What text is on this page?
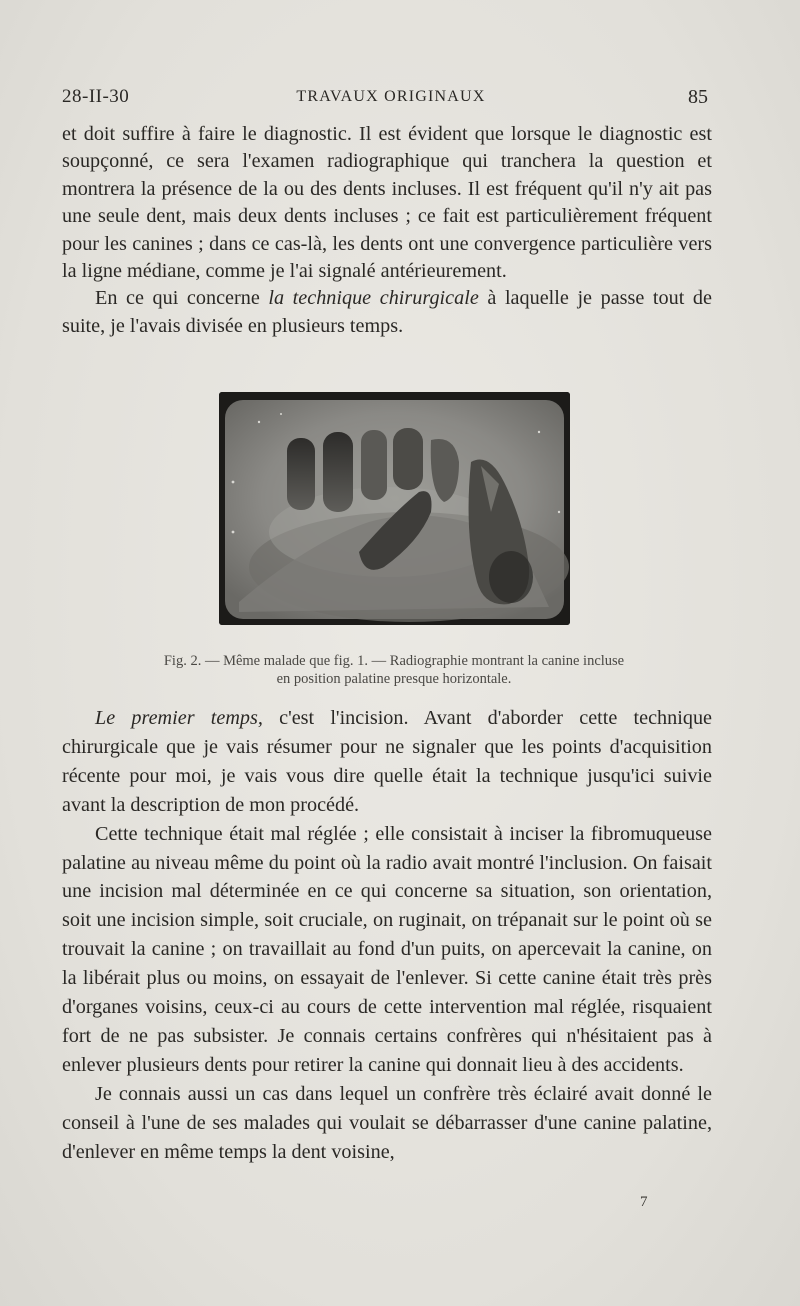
28-II-30	TRAVAUX ORIGINAUX	85

et doit suffire à faire le diagnostic. Il est évident que lorsque le diagnostic est soupçonné, ce sera l'examen radiographique qui tranchera la question et montrera la présence de la ou des dents incluses. Il est fréquent qu'il n'y ait pas une seule dent, mais deux dents incluses ; ce fait est particulièrement fréquent pour les canines ; dans ce cas-là, les dents ont une convergence particulière vers la ligne médiane, comme je l'ai signalé antérieurement.

En ce qui concerne la technique chirurgicale à laquelle je passe tout de suite, je l'avais divisée en plusieurs temps.

Fig. 2. — Même malade que fig. 1. — Radiographie montrant la canine incluse
en position palatine presque horizontale.

Le premier temps, c'est l'incision. Avant d'aborder cette technique chirurgicale que je vais résumer pour ne signaler que les points d'acquisition récente pour moi, je vais vous dire quelle était la technique jusqu'ici suivie avant la description de mon procédé.

Cette technique était mal réglée ; elle consistait à inciser la fibromuqueuse palatine au niveau même du point où la radio avait montré l'inclusion. On faisait une incision mal déterminée en ce qui concerne sa situation, son orientation, soit une incision simple, soit cruciale, on ruginait, on trépanait sur le point où se trouvait la canine ; on travaillait au fond d'un puits, on apercevait la canine, on la libérait plus ou moins, on essayait de l'enlever. Si cette canine était très près d'organes voisins, ceux-ci au cours de cette intervention mal réglée, risquaient fort de ne pas subsister. Je connais certains confrères qui n'hésitaient pas à enlever plusieurs dents pour retirer la canine qui donnait lieu à des accidents.

Je connais aussi un cas dans lequel un confrère très éclairé avait donné le conseil à l'une de ses malades qui voulait se débarrasser d'une canine palatine, d'enlever en même temps la dent voisine,

7
